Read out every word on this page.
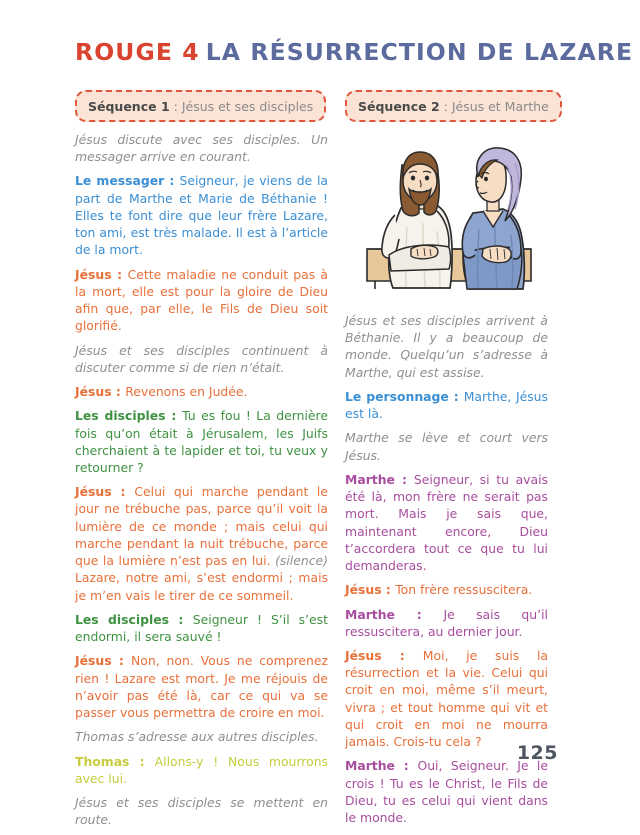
ROUGE 4 LA RÉSURRECTION DE LAZARE
Séquence 1 : Jésus et ses disciples

Jésus discute avec ses disciples. Un messager arrive en courant.

Le messager : Seigneur, je viens de la part de Marthe et Marie de Béthanie ! Elles te font dire que leur frère Lazare, ton ami, est très malade. Il est à l’article de la mort.

Jésus : Cette maladie ne conduit pas à la mort, elle est pour la gloire de Dieu afin que, par elle, le Fils de Dieu soit glorifié.

Jésus et ses disciples continuent à discuter comme si de rien n’était.

Jésus : Revenons en Judée.

Les disciples : Tu es fou ! La dernière fois qu’on était à Jérusalem, les Juifs cherchaient à te lapider et toi, tu veux y retourner ?

Jésus : Celui qui marche pendant le jour ne trébuche pas, parce qu’il voit la lumière de ce monde ; mais celui qui marche pendant la nuit trébuche, parce que la lumière n’est pas en lui. (silence) Lazare, notre ami, s’est endormi ; mais je m’en vais le tirer de ce sommeil.

Les disciples : Seigneur ! S’il s’est endormi, il sera sauvé !

Jésus : Non, non. Vous ne comprenez rien ! Lazare est mort. Je me réjouis de n’avoir pas été là, car ce qui va se passer vous permettra de croire en moi.

Thomas s’adresse aux autres disciples.

Thomas : Allons-y ! Nous mourrons avec lui.

Jésus et ses disciples se mettent en route.

Séquence 2 : Jésus et Marthe

Jésus et ses disciples arrivent à Béthanie. Il y a beaucoup de monde. Quelqu’un s’adresse à Marthe, qui est assise.

Le personnage : Marthe, Jésus est là.

Marthe se lève et court vers Jésus.

Marthe : Seigneur, si tu avais été là, mon frère ne serait pas mort. Mais je sais que, maintenant encore, Dieu t’accordera tout ce que tu lui demanderas.

Jésus : Ton frère ressuscitera.

Marthe : Je sais qu’il ressuscitera, au dernier jour.

Jésus : Moi, je suis la résurrection et la vie. Celui qui croit en moi, même s’il meurt, vivra ; et tout homme qui vit et qui croit en moi ne mourra jamais. Crois-tu cela ?

Marthe : Oui, Seigneur. Je le crois ! Tu es le Christ, le Fils de Dieu, tu es celui qui vient dans le monde.

125
